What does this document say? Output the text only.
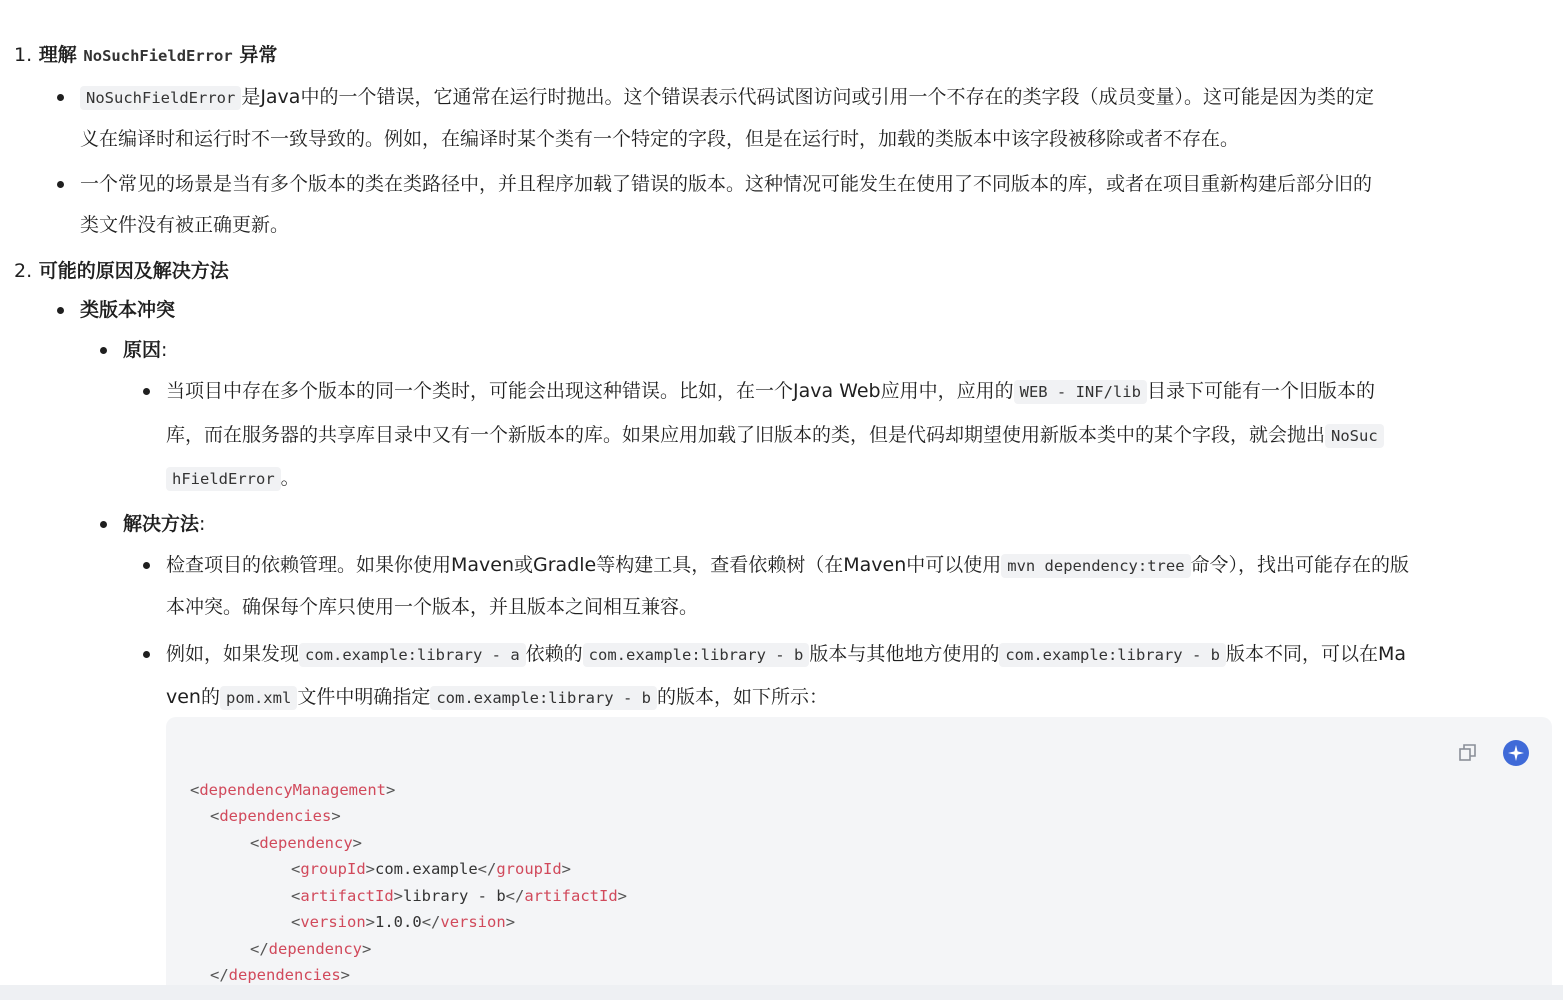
1. 理解 NoSuchFieldError 异常
NoSuchFieldError 是Java中的一个错误，它通常在运行时抛出。这个错误表示代码试图访问或引用一个不存在的类字段（成员变量）。这可能是因为类的定
义在编译时和运行时不一致导致的。例如，在编译时某个类有一个特定的字段，但是在运行时，加载的类版本中该字段被移除或者不存在。
一个常见的场景是当有多个版本的类在类路径中，并且程序加载了错误的版本。这种情况可能发生在使用了不同版本的库，或者在项目重新构建后部分旧的
类文件没有被正确更新。
2. 可能的原因及解决方法
类版本冲突
原因:
当项目中存在多个版本的同一个类时，可能会出现这种错误。比如，在一个Java Web应用中，应用的 WEB - INF/lib 目录下可能有一个旧版本的
库，而在服务器的共享库目录中又有一个新版本的库。如果应用加载了旧版本的类，但是代码却期望使用新版本类中的某个字段，就会抛出 NoSuc
hFieldError 。
解决方法:
检查项目的依赖管理。如果你使用Maven或Gradle等构建工具，查看依赖树（在Maven中可以使用 mvn dependency:tree 命令），找出可能存在的版
本冲突。确保每个库只使用一个版本，并且版本之间相互兼容。
例如，如果发现 com.example:library - a 依赖的 com.example:library - b 版本与其他地方使用的 com.example:library - b 版本不同，可以在Ma
ven的 pom.xml 文件中明确指定 com.example:library - b 的版本，如下所示：
<dependencyManagement>
<dependencies>
<dependency>
<groupId>com.example</groupId>
<artifactId>library - b</artifactId>
<version>1.0.0</version>
</dependency>
</dependencies>
